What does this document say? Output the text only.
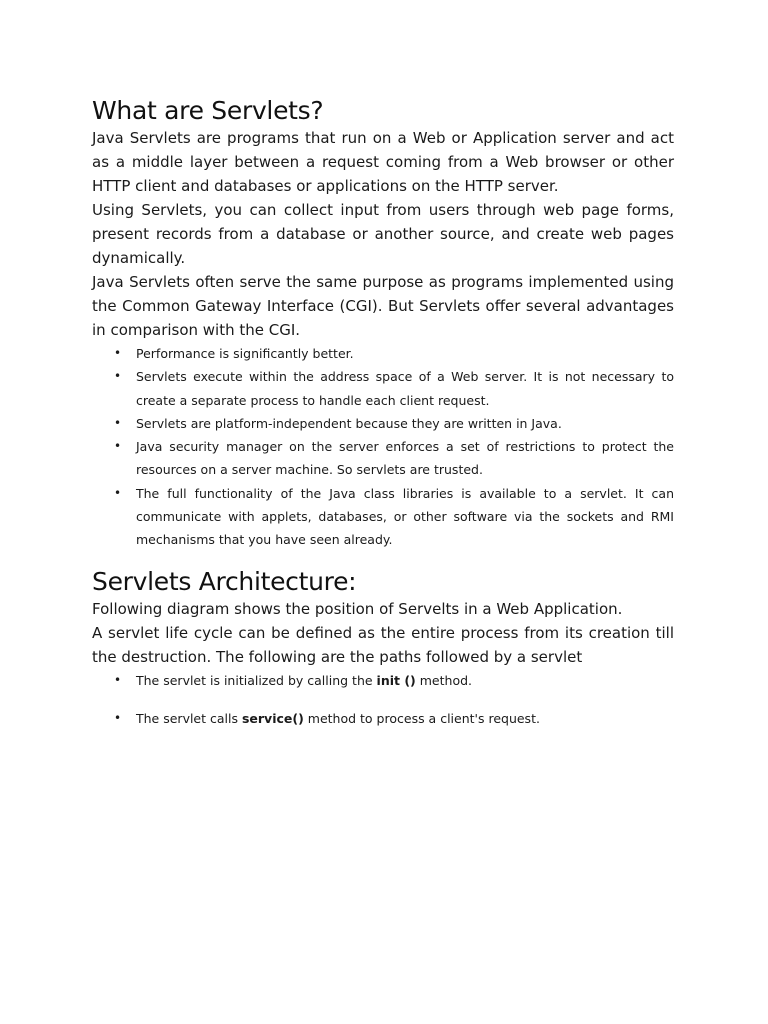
What are Servlets?

Java Servlets are programs that run on a Web or Application server and act as a middle layer between a request coming from a Web browser or other HTTP client and databases or applications on the HTTP server.

Using Servlets, you can collect input from users through web page forms, present records from a database or another source, and create web pages dynamically.

Java Servlets often serve the same purpose as programs implemented using the Common Gateway Interface (CGI). But Servlets offer several advantages in comparison with the CGI.

• Performance is significantly better.
• Servlets execute within the address space of a Web server. It is not necessary to create a separate process to handle each client request.
• Servlets are platform-independent because they are written in Java.
• Java security manager on the server enforces a set of restrictions to protect the resources on a server machine. So servlets are trusted.
• The full functionality of the Java class libraries is available to a servlet. It can communicate with applets, databases, or other software via the sockets and RMI mechanisms that you have seen already.
Servlets Architecture:

Following diagram shows the position of Servelts in a Web Application.

A servlet life cycle can be defined as the entire process from its creation till the destruction. The following are the paths followed by a servlet

• The servlet is initialized by calling the init () method.
• The servlet calls service() method to process a client's request.
